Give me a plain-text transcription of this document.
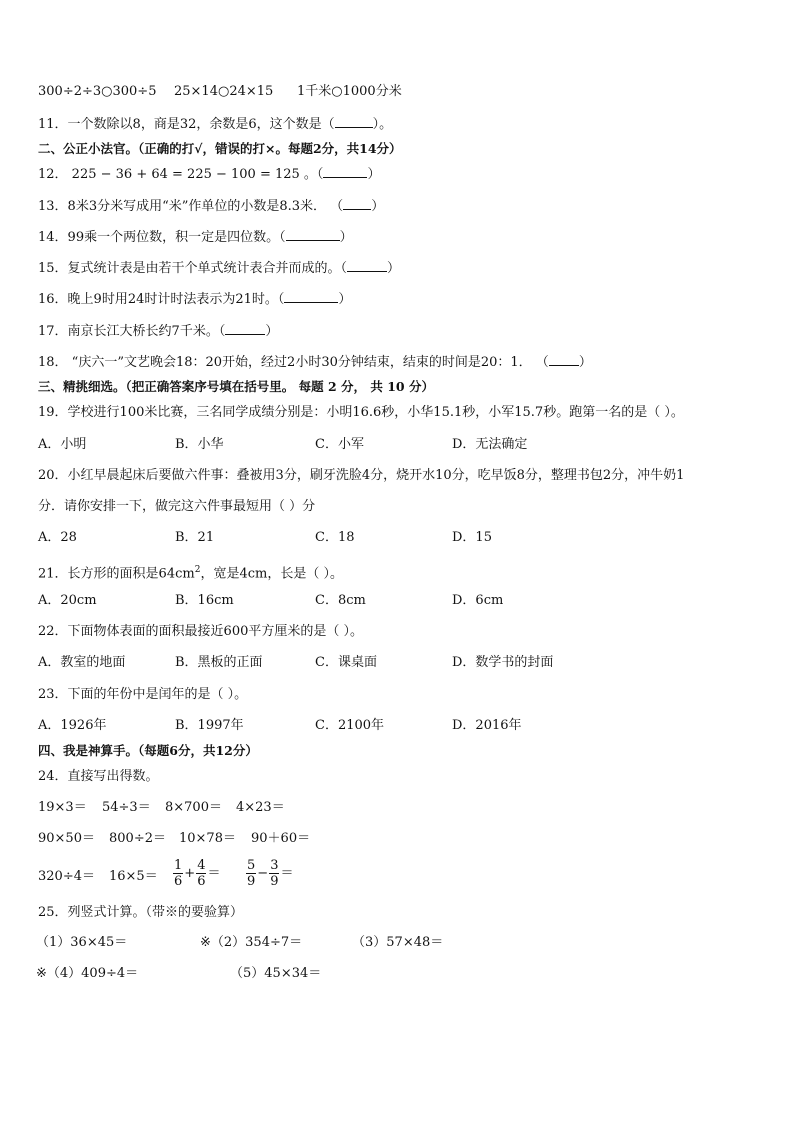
300÷2÷3○300÷5 25×14○24×15 1千米○1000分米
11．一个数除以8，商是32，余数是6，这个数是（	）。
二、公正小法官。（正确的打√，错误的打×。每题2分，共14分）
12． 225 − 36 + 64 = 225 − 100 = 125 。（	）
13．8米3分米写成用“米”作单位的小数是8.3米． （ ）
14．99乘一个两位数，积一定是四位数。（	）
15．复式统计表是由若干个单式统计表合并而成的。（	）
16．晚上9时用24时计时法表示为21时。（	）
17．南京长江大桥长约7千米。（	）
18． “庆六一”文艺晚会18：20开始，经过2小时30分钟结束，结束的时间是20：1． （ ）
三、精挑细选。（把正确答案序号填在括号里。 每题 2 分， 共 10 分）
19．学校进行100米比赛，三名同学成绩分别是：小明16.6秒，小华15.1秒，小军15.7秒。跑第一名的是（ ）。
A．小明	B．小华	C．小军	D．无法确定
20．小红早晨起床后要做六件事：叠被用3分，刷牙洗脸4分，烧开水10分，吃早饭8分，整理书包2分，冲牛奶1
分．请你安排一下，做完这六件事最短用（ ）分
A．28	B．21	C．18	D．15
21．长方形的面积是$64cm^2$，宽是4cm，长是（ ）。
A．20cm	B．16cm	C．8cm	D．6cm
22．下面物体表面的面积最接近600平方厘米的是（ ）。
A．教室的地面	B．黑板的正面	C．课桌面	D．数学书的封面
23．下面的年份中是闰年的是（ ）。
A．1926年	B．1997年	C．2100年	D．2016年
四、我是神算手。（每题6分，共12分）
24．直接写出得数。
19×3＝ 54÷3＝ 8×700＝ 4×23＝
90×50＝ 800÷2＝ 10×78＝ 90＋60＝
$320\div 4= 16\times 5= \frac{1}{6} + \frac{4}{6} = \frac{5}{9} - \frac{3}{9}$ ＝
25．列竖式计算。（带※的要验算）
（1）36×45＝	※（2）354÷7＝	（3）57×48＝
※（4）409÷4＝	（5）45×34＝
